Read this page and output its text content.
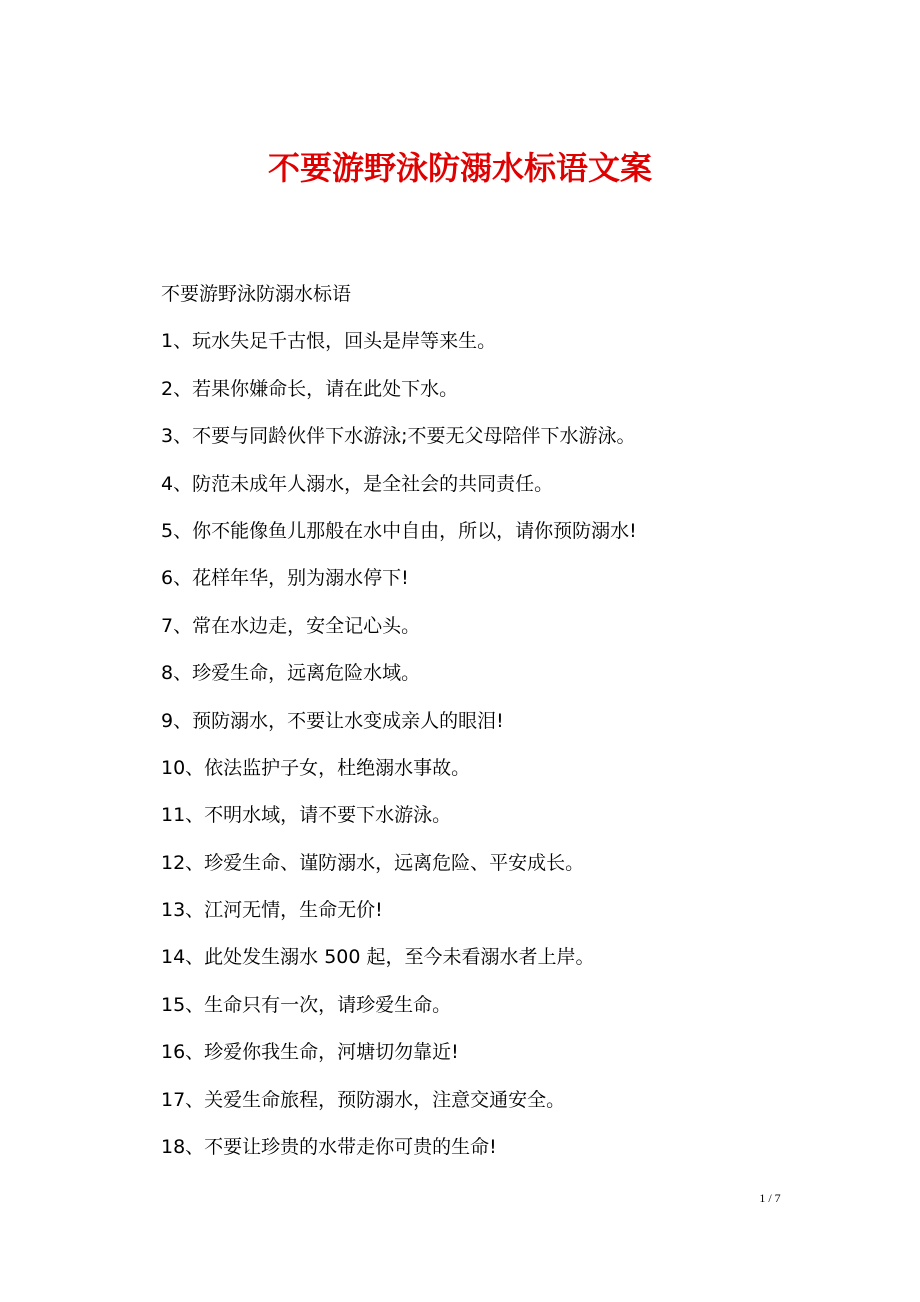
不要游野泳防溺水标语文案
不要游野泳防溺水标语
1、玩水失足千古恨，回头是岸等来生。
2、若果你嫌命长，请在此处下水。
3、不要与同龄伙伴下水游泳;不要无父母陪伴下水游泳。
4、防范未成年人溺水，是全社会的共同责任。
5、你不能像鱼儿那般在水中自由，所以，请你预防溺水!
6、花样年华，别为溺水停下!
7、常在水边走，安全记心头。
8、珍爱生命，远离危险水域。
9、预防溺水，不要让水变成亲人的眼泪!
10、依法监护子女，杜绝溺水事故。
11、不明水域，请不要下水游泳。
12、珍爱生命、谨防溺水，远离危险、平安成长。
13、江河无情，生命无价!
14、此处发生溺水 500 起，至今未看溺水者上岸。
15、生命只有一次，请珍爱生命。
16、珍爱你我生命，河塘切勿靠近!
17、关爱生命旅程，预防溺水，注意交通安全。
18、不要让珍贵的水带走你可贵的生命!
1 / 7
